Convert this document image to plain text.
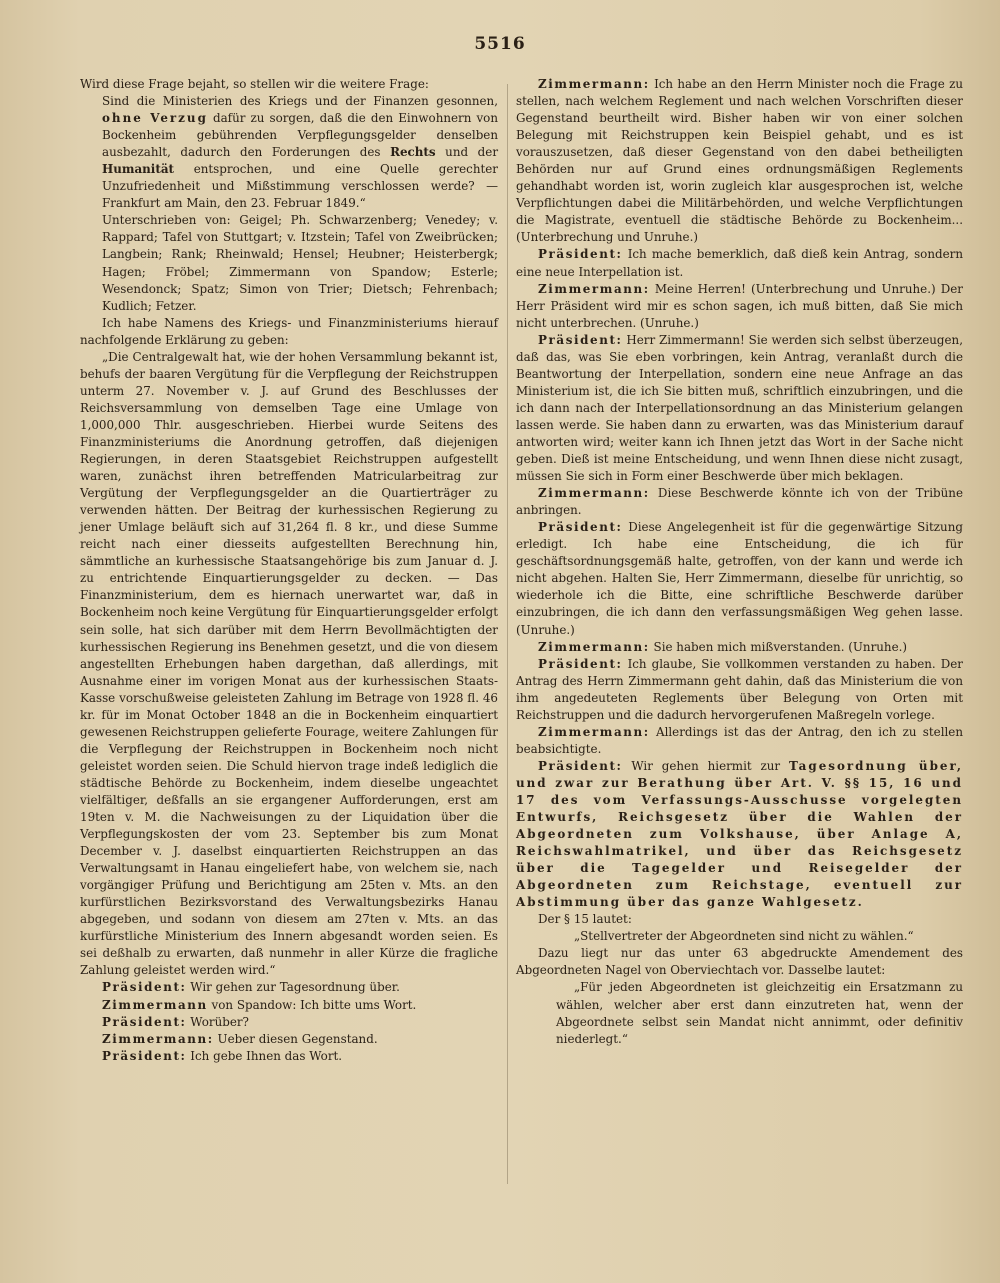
5516

Wird diese Frage bejaht, so stellen wir die weitere Frage:

Sind die Ministerien des Kriegs und der Finanzen gesonnen, ohne Verzug dafür zu sorgen, daß die den Einwohnern von Bockenheim gebührenden Verpflegungsgelder denselben ausbezahlt, dadurch den Forderungen des Rechts und der Humanität entsprochen, und eine Quelle gerechter Unzufriedenheit und Mißstimmung verschlossen werde? — Frankfurt am Main, den 23. Februar 1849.“

Unterschrieben von: Geigel; Ph. Schwarzenberg; Venedey; v. Rappard; Tafel von Stuttgart; v. Itzstein; Tafel von Zweibrücken; Langbein; Rank; Rheinwald; Hensel; Heubner; Heisterbergk; Hagen; Fröbel; Zimmermann von Spandow; Esterle; Wesendonck; Spatz; Simon von Trier; Dietsch; Fehrenbach; Kudlich; Fetzer.

Ich habe Namens des Kriegs- und Finanzministeriums hierauf nachfolgende Erklärung zu geben:

„Die Centralgewalt hat, wie der hohen Versammlung bekannt ist, behufs der baaren Vergütung für die Verpflegung der Reichstruppen unterm 27. November v. J. auf Grund des Beschlusses der Reichsversammlung von demselben Tage eine Umlage von 1,000,000 Thlr. ausgeschrieben. Hierbei wurde Seitens des Finanzministeriums die Anordnung getroffen, daß diejenigen Regierungen, in deren Staatsgebiet Reichstruppen aufgestellt waren, zunächst ihren betreffenden Matricularbeitrag zur Vergütung der Verpflegungsgelder an die Quartierträger zu verwenden hätten. Der Beitrag der kurhessischen Regierung zu jener Umlage beläuft sich auf 31,264 fl. 8 kr., und diese Summe reicht nach einer diesseits aufgestellten Berechnung hin, sämmtliche an kurhessische Staatsangehörige bis zum Januar d. J. zu entrichtende Einquartierungsgelder zu decken. — Das Finanzministerium, dem es hiernach unerwartet war, daß in Bockenheim noch keine Vergütung für Einquartierungsgelder erfolgt sein solle, hat sich darüber mit dem Herrn Bevollmächtigten der kurhessischen Regierung ins Benehmen gesetzt, und die von diesem angestellten Erhebungen haben dargethan, daß allerdings, mit Ausnahme einer im vorigen Monat aus der kurhessischen Staats-Kasse vorschußweise geleisteten Zahlung im Betrage von 1928 fl. 46 kr. für im Monat October 1848 an die in Bockenheim einquartiert gewesenen Reichstruppen gelieferte Fourage, weitere Zahlungen für die Verpflegung der Reichstruppen in Bockenheim noch nicht geleistet worden seien. Die Schuld hiervon trage indeß lediglich die städtische Behörde zu Bockenheim, indem dieselbe ungeachtet vielfältiger, deßfalls an sie ergangener Aufforderungen, erst am 19ten v. M. die Nachweisungen zu der Liquidation über die Verpflegungskosten der vom 23. September bis zum Monat December v. J. daselbst einquartierten Reichstruppen an das Verwaltungsamt in Hanau eingeliefert habe, von welchem sie, nach vorgängiger Prüfung und Berichtigung am 25ten v. Mts. an den kurfürstlichen Bezirksvorstand des Verwaltungsbezirks Hanau abgegeben, und sodann von diesem am 27ten v. Mts. an das kurfürstliche Ministerium des Innern abgesandt worden seien. Es sei deßhalb zu erwarten, daß nunmehr in aller Kürze die fragliche Zahlung geleistet werden wird.“

Präsident: Wir gehen zur Tagesordnung über.

Zimmermann von Spandow: Ich bitte ums Wort.

Präsident: Worüber?

Zimmermann: Ueber diesen Gegenstand.

Präsident: Ich gebe Ihnen das Wort.

Zimmermann: Ich habe an den Herrn Minister noch die Frage zu stellen, nach welchem Reglement und nach welchen Vorschriften dieser Gegenstand beurtheilt wird. Bisher haben wir von einer solchen Belegung mit Reichstruppen kein Beispiel gehabt, und es ist vorauszusetzen, daß dieser Gegenstand von den dabei betheiligten Behörden nur auf Grund eines ordnungsmäßigen Reglements gehandhabt worden ist, worin zugleich klar ausgesprochen ist, welche Verpflichtungen dabei die Militärbehörden, und welche Verpflichtungen die Magistrate, eventuell die städtische Behörde zu Bockenheim... (Unterbrechung und Unruhe.)

Präsident: Ich mache bemerklich, daß dieß kein Antrag, sondern eine neue Interpellation ist.

Zimmermann: Meine Herren! (Unterbrechung und Unruhe.) Der Herr Präsident wird mir es schon sagen, ich muß bitten, daß Sie mich nicht unterbrechen. (Unruhe.)

Präsident: Herr Zimmermann! Sie werden sich selbst überzeugen, daß das, was Sie eben vorbringen, kein Antrag, veranlaßt durch die Beantwortung der Interpellation, sondern eine neue Anfrage an das Ministerium ist, die ich Sie bitten muß, schriftlich einzubringen, und die ich dann nach der Interpellationsordnung an das Ministerium gelangen lassen werde. Sie haben dann zu erwarten, was das Ministerium darauf antworten wird; weiter kann ich Ihnen jetzt das Wort in der Sache nicht geben. Dieß ist meine Entscheidung, und wenn Ihnen diese nicht zusagt, müssen Sie sich in Form einer Beschwerde über mich beklagen.

Zimmermann: Diese Beschwerde könnte ich von der Tribüne anbringen.

Präsident: Diese Angelegenheit ist für die gegenwärtige Sitzung erledigt. Ich habe eine Entscheidung, die ich für geschäftsordnungsgemäß halte, getroffen, von der kann und werde ich nicht abgehen. Halten Sie, Herr Zimmermann, dieselbe für unrichtig, so wiederhole ich die Bitte, eine schriftliche Beschwerde darüber einzubringen, die ich dann den verfassungsmäßigen Weg gehen lasse. (Unruhe.)

Zimmermann: Sie haben mich mißverstanden. (Unruhe.)

Präsident: Ich glaube, Sie vollkommen verstanden zu haben. Der Antrag des Herrn Zimmermann geht dahin, daß das Ministerium die von ihm angedeuteten Reglements über Belegung von Orten mit Reichstruppen und die dadurch hervorgerufenen Maßregeln vorlege.

Zimmermann: Allerdings ist das der Antrag, den ich zu stellen beabsichtigte.

Präsident: Wir gehen hiermit zur Tagesordnung über, und zwar zur Berathung über Art. V. §§ 15, 16 und 17 des vom Verfassungs-Ausschusse vorgelegten Entwurfs, Reichsgesetz über die Wahlen der Abgeordneten zum Volkshause, über Anlage A, Reichswahlmatrikel, und über das Reichsgesetz über die Tagegelder und Reisegelder der Abgeordneten zum Reichstage, eventuell zur Abstimmung über das ganze Wahlgesetz.

Der § 15 lautet:

„Stellvertreter der Abgeordneten sind nicht zu wählen.“

Dazu liegt nur das unter 63 abgedruckte Amendement des Abgeordneten Nagel von Oberviechtach vor. Dasselbe lautet:

„Für jeden Abgeordneten ist gleichzeitig ein Ersatzmann zu wählen, welcher aber erst dann einzutreten hat, wenn der Abgeordnete selbst sein Mandat nicht annimmt, oder definitiv niederlegt.“
